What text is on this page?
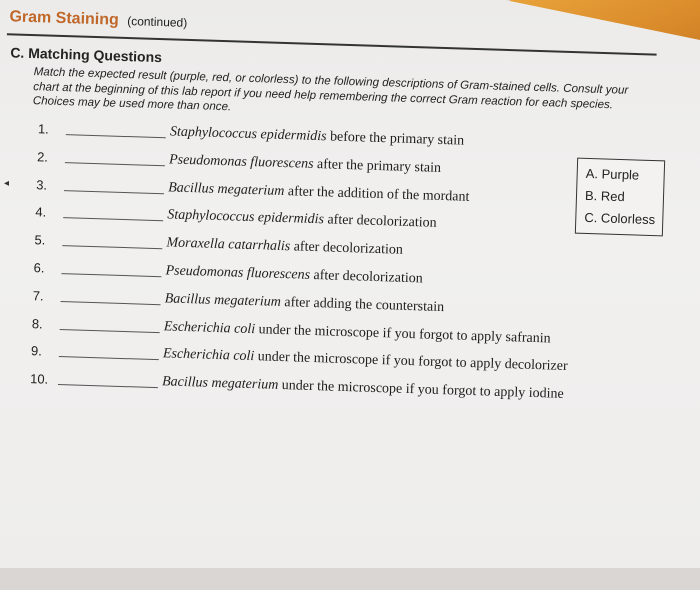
Gram Staining (continued)
C. Matching Questions
Match the expected result (purple, red, or colorless) to the following descriptions of Gram-stained cells. Consult your chart at the beginning of this lab report if you need help remembering the correct Gram reaction for each species. Choices may be used more than once.
1.	Staphylococcus epidermidis before the primary stain
2.	Pseudomonas fluorescens after the primary stain
3.	Bacillus megaterium after the addition of the mordant
4.	Staphylococcus epidermidis after decolorization
5.	Moraxella catarrhalis after decolorization
6.	Pseudomonas fluorescens after decolorization
7.	Bacillus megaterium after adding the counterstain
8.	Escherichia coli under the microscope if you forgot to apply safranin
9.	Escherichia coli under the microscope if you forgot to apply decolorizer
10.	Bacillus megaterium under the microscope if you forgot to apply iodine
◂
A. Purple
B. Red
C. Colorless
